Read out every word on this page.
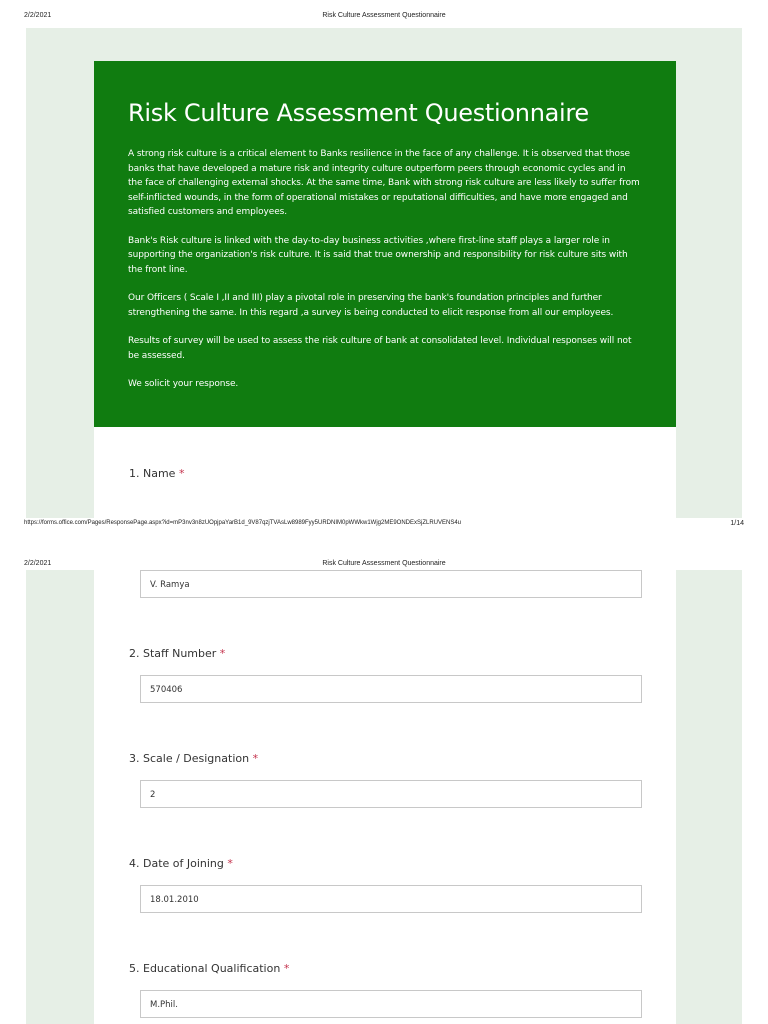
2/2/2021	Risk Culture Assessment Questionnaire
Risk Culture Assessment Questionnaire

A strong risk culture is a critical element to Banks resilience in the face of any challenge. It is observed that those banks that have developed a mature risk and integrity culture outperform peers through economic cycles and in the face of challenging external shocks. At the same time, Bank with strong risk culture are less likely to suffer from self-inflicted wounds, in the form of operational mistakes or reputational difficulties, and have more engaged and satisfied customers and employees.

Bank's Risk culture is linked with the day-to-day business activities ,where first-line staff plays a larger role in supporting the organization's risk culture. It is said that true ownership and responsibility for risk culture sits with the front line.

Our Officers ( Scale I ,II and III) play a pivotal role in preserving the bank's foundation principles and further strengthening the same. In this regard ,a survey is being conducted to elicit response from all our employees.

Results of survey will be used to assess the risk culture of bank at consolidated level. Individual responses will not be assessed.

We solicit your response.

1. Name *
https://forms.office.com/Pages/ResponsePage.aspx?id=mP3nv3n8zUOpjpaYarB1d_9V87qzjTVAsLw8989Fyy5URDNIM0pWWkw1Wjg2ME9ONDExSjZLRUVENS4u	1/14
2/2/2021	Risk Culture Assessment Questionnaire
V. Ramya
2. Staff Number *
570406
3. Scale / Designation *
2
4. Date of Joining *
18.01.2010
5. Educational Qualification *
M.Phil.
